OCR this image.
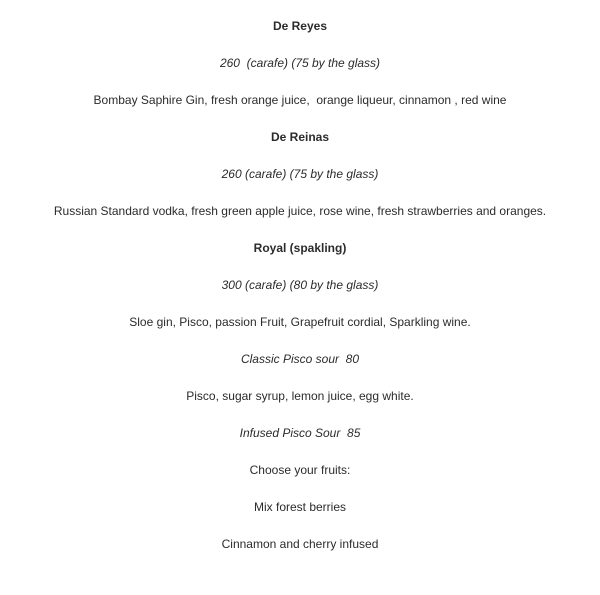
De Reyes
260  (carafe) (75 by the glass)
Bombay Saphire Gin, fresh orange juice,  orange liqueur, cinnamon , red wine
De Reinas
260 (carafe) (75 by the glass)
Russian Standard vodka, fresh green apple juice, rose wine, fresh strawberries and oranges.
Royal (spakling)
300 (carafe) (80 by the glass)
Sloe gin, Pisco, passion Fruit, Grapefruit cordial, Sparkling wine.
Classic Pisco sour  80
Pisco, sugar syrup, lemon juice, egg white.
Infused Pisco Sour  85
Choose your fruits:
Mix forest berries
Cinnamon and cherry infused
